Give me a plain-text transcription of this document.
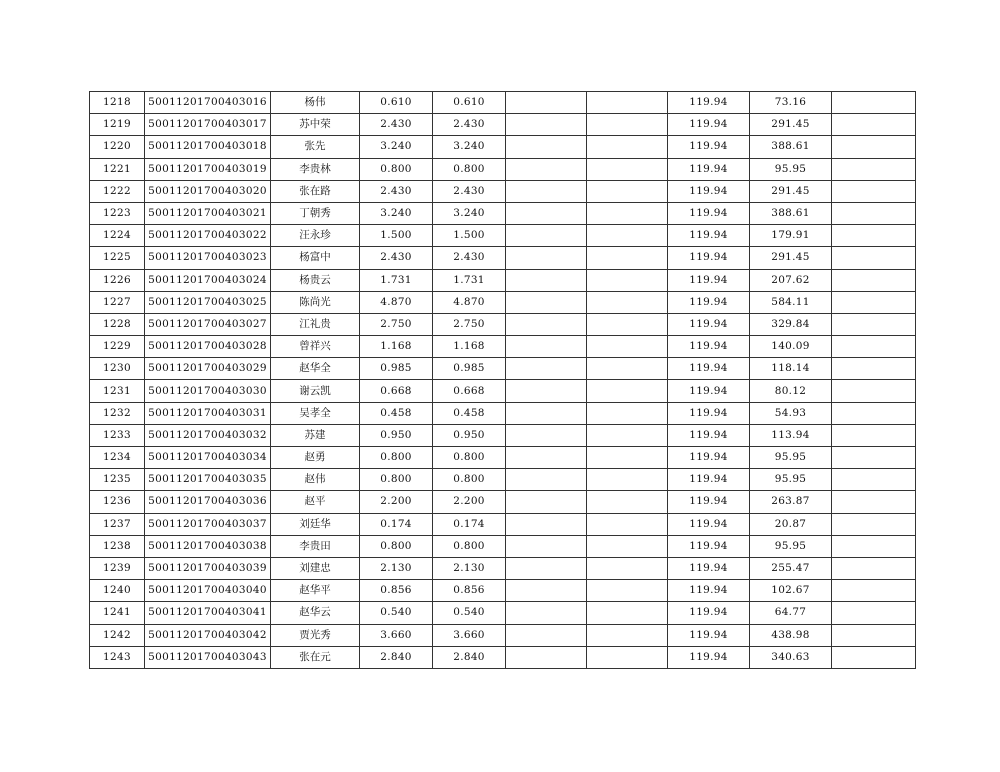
1218	50011201700403016	杨伟	0.610	0.610			119.94	73.16	
1219	50011201700403017	苏中荣	2.430	2.430			119.94	291.45	
1220	50011201700403018	张先	3.240	3.240			119.94	388.61	
1221	50011201700403019	李贵林	0.800	0.800			119.94	95.95	
1222	50011201700403020	张在路	2.430	2.430			119.94	291.45	
1223	50011201700403021	丁朝秀	3.240	3.240			119.94	388.61	
1224	50011201700403022	汪永珍	1.500	1.500			119.94	179.91	
1225	50011201700403023	杨富中	2.430	2.430			119.94	291.45	
1226	50011201700403024	杨贵云	1.731	1.731			119.94	207.62	
1227	50011201700403025	陈尚光	4.870	4.870			119.94	584.11	
1228	50011201700403027	江礼贵	2.750	2.750			119.94	329.84	
1229	50011201700403028	曾祥兴	1.168	1.168			119.94	140.09	
1230	50011201700403029	赵华全	0.985	0.985			119.94	118.14	
1231	50011201700403030	谢云凯	0.668	0.668			119.94	80.12	
1232	50011201700403031	吴孝全	0.458	0.458			119.94	54.93	
1233	50011201700403032	苏建	0.950	0.950			119.94	113.94	
1234	50011201700403034	赵勇	0.800	0.800			119.94	95.95	
1235	50011201700403035	赵伟	0.800	0.800			119.94	95.95	
1236	50011201700403036	赵平	2.200	2.200			119.94	263.87	
1237	50011201700403037	刘廷华	0.174	0.174			119.94	20.87	
1238	50011201700403038	李贵田	0.800	0.800			119.94	95.95	
1239	50011201700403039	刘建忠	2.130	2.130			119.94	255.47	
1240	50011201700403040	赵华平	0.856	0.856			119.94	102.67	
1241	50011201700403041	赵华云	0.540	0.540			119.94	64.77	
1242	50011201700403042	贾光秀	3.660	3.660			119.94	438.98	
1243	50011201700403043	张在元	2.840	2.840			119.94	340.63	
